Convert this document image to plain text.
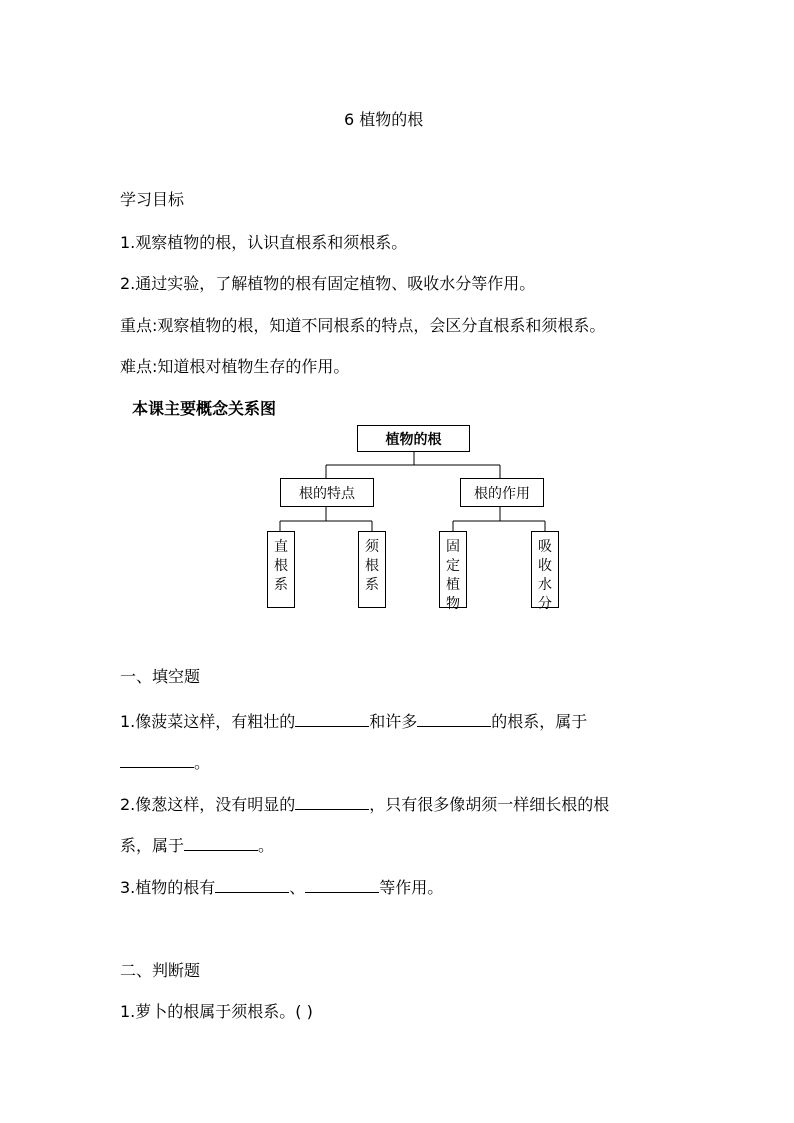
6 植物的根
学习目标
1.观察植物的根，认识直根系和须根系。
2.通过实验，了解植物的根有固定植物、吸收水分等作用。
重点:观察植物的根，知道不同根系的特点，会区分直根系和须根系。
难点:知道根对植物生存的作用。
本课主要概念关系图
植物的根
根的特点	根的作用
直
根
系
须
根
系
固
定
植
物
吸
收
水
分
一、填空题
1.像菠菜这样，有粗壮的	和许多	的根系，属于
。
2.像葱这样，没有明显的	，只有很多像胡须一样细长根的根
系，属于	。
3.植物的根有	、	等作用。
二、判断题
1.萝卜的根属于须根系。( )
